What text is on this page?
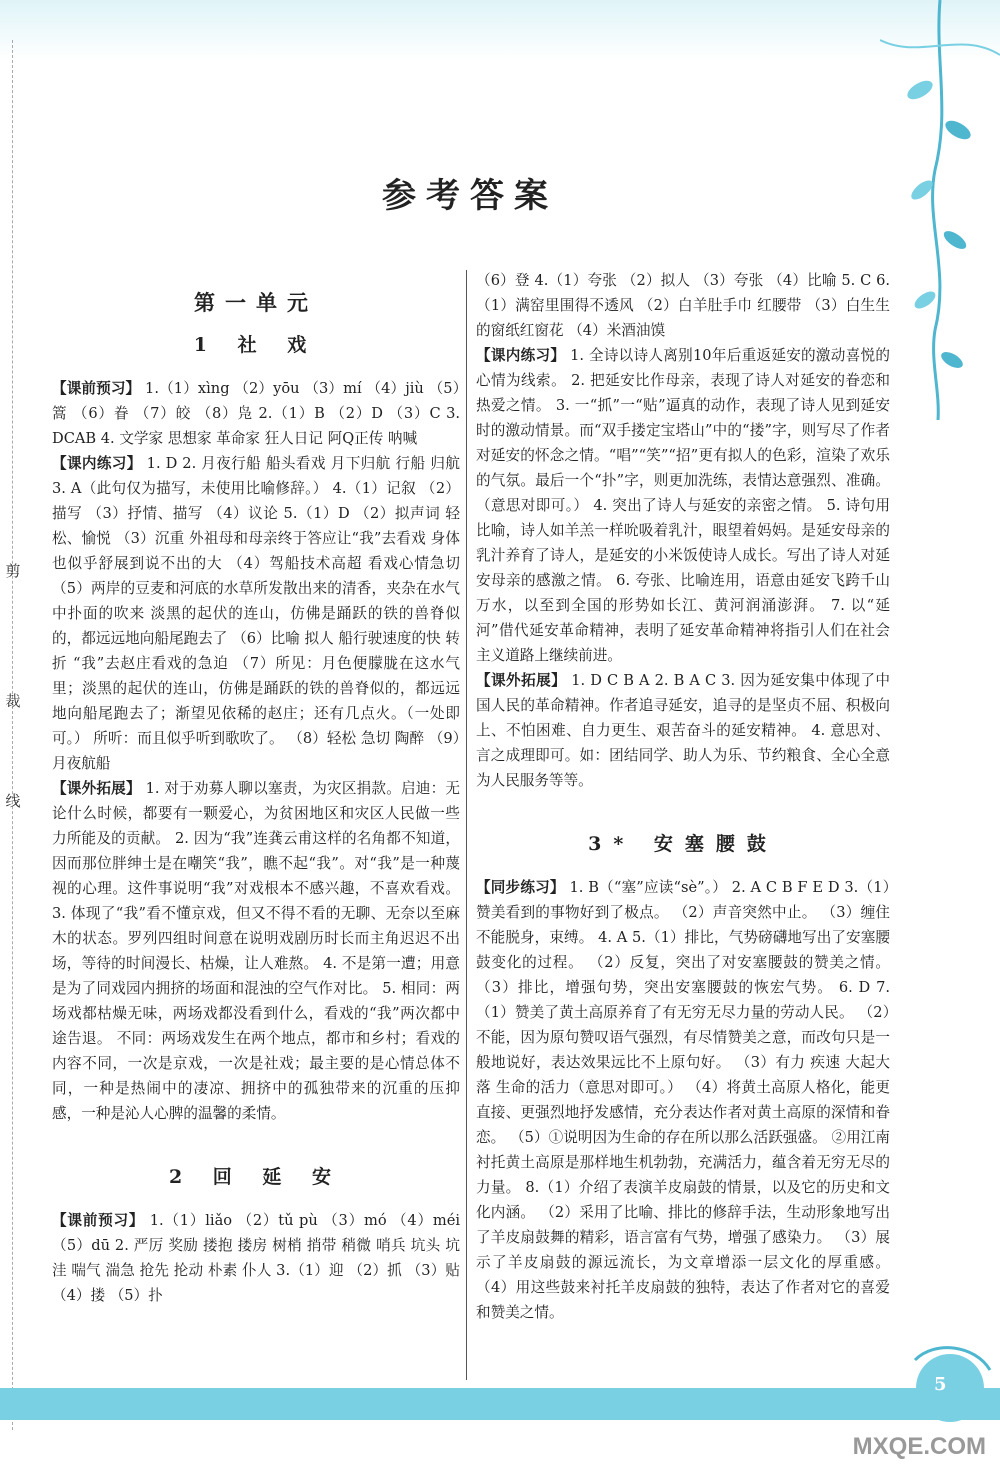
剪
裁
线
参考答案
第一单元
1 社 戏

【课前预习】 1.（1）xìng （2）yōu （3）mí （4）jiù （5）篙 （6）眷 （7）皎 （8）凫 2.（1）B （2）D （3）C 3. DCAB 4. 文学家 思想家 革命家 狂人日记 阿Q正传 呐喊

【课内练习】 1. D 2. 月夜行船 船头看戏 月下归航 行船 归航 3. A（此句仅为描写，未使用比喻修辞。） 4.（1）记叙 （2）描写 （3）抒情、描写 （4）议论 5.（1）D （2）拟声词 轻松、愉悦 （3）沉重 外祖母和母亲终于答应让“我”去看戏 身体也似乎舒展到说不出的大 （4）驾船技术高超 看戏心情急切 （5）两岸的豆麦和河底的水草所发散出来的清香，夹杂在水气中扑面的吹来 淡黑的起伏的连山，仿佛是踊跃的铁的兽脊似的，都远远地向船尾跑去了 （6）比喻 拟人 船行驶速度的快 转折 “我”去赵庄看戏的急迫 （7）所见：月色便朦胧在这水气里；淡黑的起伏的连山，仿佛是踊跃的铁的兽脊似的，都远远地向船尾跑去了；渐望见依稀的赵庄；还有几点火。（一处即可。） 所听：而且似乎听到歌吹了。 （8）轻松 急切 陶醉 （9）月夜航船

【课外拓展】 1. 对于劝募人聊以塞责，为灾区捐款。启迪：无论什么时候，都要有一颗爱心，为贫困地区和灾区人民做一些力所能及的贡献。 2. 因为“我”连龚云甫这样的名角都不知道，因而那位胖绅士是在嘲笑“我”，瞧不起“我”。对“我”是一种蔑视的心理。这件事说明“我”对戏根本不感兴趣，不喜欢看戏。 3. 体现了“我”看不懂京戏，但又不得不看的无聊、无奈以至麻木的状态。罗列四组时间意在说明戏剧历时长而主角迟迟不出场，等待的时间漫长、枯燥，让人难熬。 4. 不是第一遭；用意是为了同戏园内拥挤的场面和混浊的空气作对比。 5. 相同：两场戏都枯燥无味，两场戏都没看到什么，看戏的“我”两次都中途告退。 不同：两场戏发生在两个地点，都市和乡村；看戏的内容不同，一次是京戏，一次是社戏；最主要的是心情总体不同，一种是热闹中的凄凉、拥挤中的孤独带来的沉重的压抑感，一种是沁人心脾的温馨的柔情。

2 回 延 安

【课前预习】 1.（1）liǎo （2）tǔ pù （3）mó （4）méi （5）dū 2. 严厉 奖励 搂抱 搂房 树梢 捎带 稍微 哨兵 坑头 坑洼 喘气 湍急 抢先 抡动 朴素 仆人 3.（1）迎 （2）抓 （3）贴 （4）搂 （5）扑

（6）登 4.（1）夸张 （2）拟人 （3）夸张 （4）比喻 5. C 6.（1）满窑里围得不透风 （2）白羊肚手巾 红腰带 （3）白生生的窗纸红窗花 （4）米酒油馍

【课内练习】 1. 全诗以诗人离别10年后重返延安的激动喜悦的心情为线索。 2. 把延安比作母亲，表现了诗人对延安的眷恋和热爱之情。 3. 一“抓”一“贴”逼真的动作，表现了诗人见到延安时的激动情景。而“双手搂定宝塔山”中的“搂”字，则写尽了作者对延安的怀念之情。“唱”“笑”“招”更有拟人的色彩，渲染了欢乐的气氛。最后一个“扑”字，则更加洗练，表情达意强烈、准确。（意思对即可。） 4. 突出了诗人与延安的亲密之情。 5. 诗句用比喻，诗人如羊羔一样吮吸着乳汁，眼望着妈妈。是延安母亲的乳汁养育了诗人，是延安的小米饭使诗人成长。写出了诗人对延安母亲的感激之情。 6. 夸张、比喻连用，语意由延安飞跨千山万水，以至到全国的形势如长江、黄河润涌澎湃。 7. 以“延河”借代延安革命精神，表明了延安革命精神将指引人们在社会主义道路上继续前进。

【课外拓展】 1. D C B A 2. B A C 3. 因为延安集中体现了中国人民的革命精神。作者追寻延安，追寻的是坚贞不屈、积极向上、不怕困难、自力更生、艰苦奋斗的延安精神。 4. 意思对、言之成理即可。如：团结同学、助人为乐、节约粮食、全心全意为人民服务等等。

3* 安塞腰鼓

【同步练习】 1. B（“塞”应读“sè”。） 2. A C B F E D 3.（1）赞美看到的事物好到了极点。 （2）声音突然中止。 （3）缠住不能脱身，束缚。 4. A 5.（1）排比，气势磅礴地写出了安塞腰鼓变化的过程。 （2）反复，突出了对安塞腰鼓的赞美之情。 （3）排比，增强句势，突出安塞腰鼓的恢宏气势。 6. D 7.（1）赞美了黄土高原养育了有无穷无尽力量的劳动人民。 （2）不能，因为原句赞叹语气强烈，有尽情赞美之意，而改句只是一般地说好，表达效果远比不上原句好。 （3）有力 疾速 大起大落 生命的活力（意思对即可。） （4）将黄土高原人格化，能更直接、更强烈地抒发感情，充分表达作者对黄土高原的深情和眷恋。 （5）①说明因为生命的存在所以那么活跃强盛。 ②用江南衬托黄土高原是那样地生机勃勃，充满活力，蕴含着无穷无尽的力量。 8.（1）介绍了表演羊皮扇鼓的情景，以及它的历史和文化内涵。 （2）采用了比喻、排比的修辞手法，生动形象地写出了羊皮扇鼓舞的精彩，语言富有气势，增强了感染力。 （3）展示了羊皮扇鼓的源远流长，为文章增添一层文化的厚重感。 （4）用这些鼓来衬托羊皮扇鼓的独特，表达了作者对它的喜爱和赞美之情。

5
MXQE.COM
